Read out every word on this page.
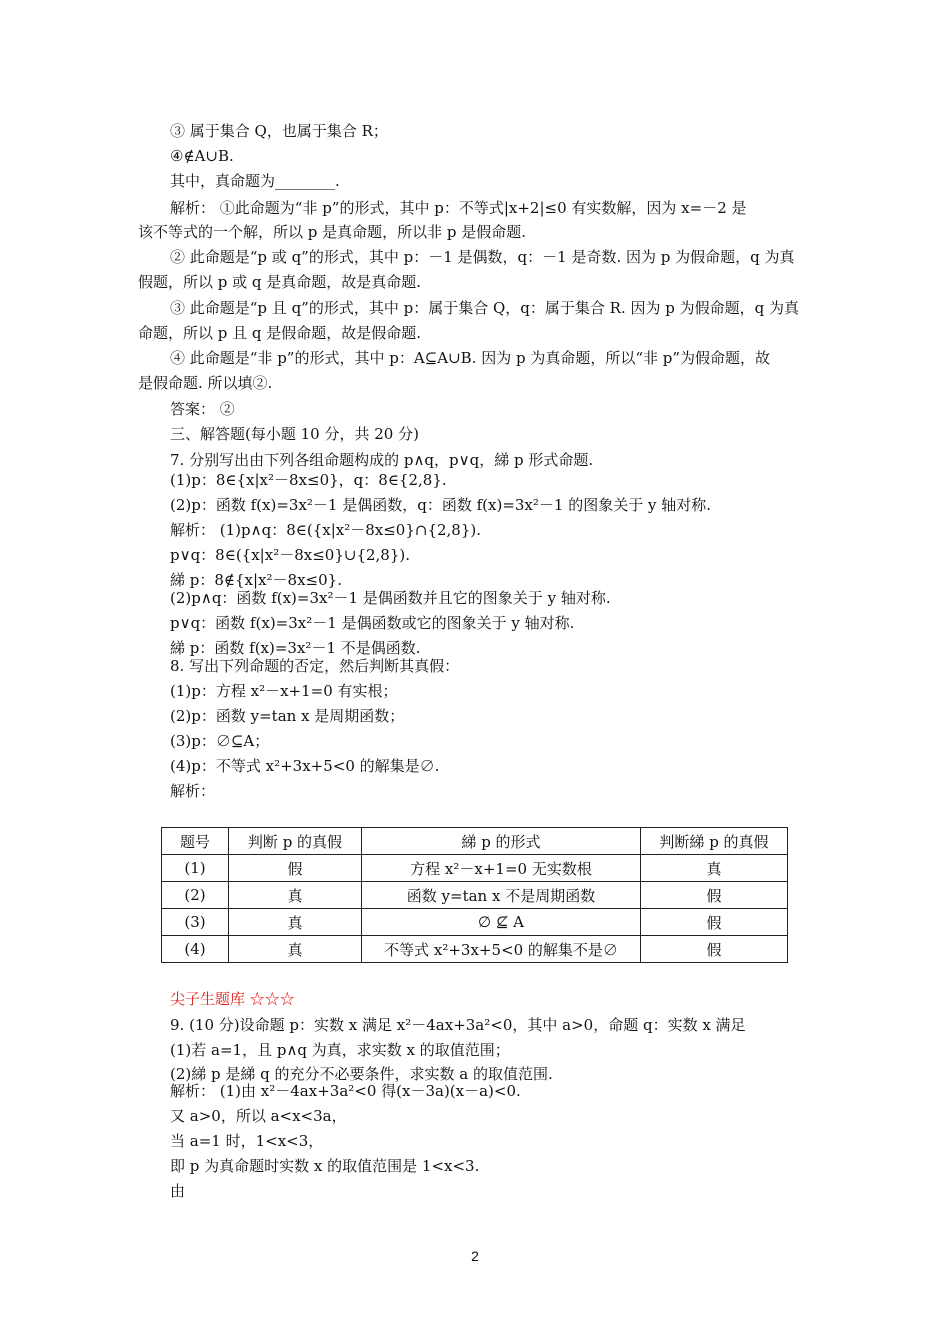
③ 属于集合 Q，也属于集合 R；
④∉A∪B.
其中，真命题为________.
解析： ①此命题为“非 p”的形式，其中 p：不等式|x+2|≤0 有实数解，因为 x=－2 是
该不等式的一个解，所以 p 是真命题，所以非 p 是假命题.
② 此命题是“p 或 q”的形式，其中 p：－1 是偶数，q：－1 是奇数. 因为 p 为假命题，q 为真
假题，所以 p 或 q 是真命题，故是真命题.
③ 此命题是“p 且 q”的形式，其中 p：属于集合 Q，q：属于集合 R. 因为 p 为假命题，q 为真
命题，所以 p 且 q 是假命题，故是假命题.
④ 此命题是“非 p”的形式，其中 p：A⊆A∪B. 因为 p 为真命题，所以“非 p”为假命题，故
是假命题. 所以填②.
答案： ②
三、解答题(每小题 10 分，共 20 分)
7. 分别写出由下列各组命题构成的 p∧q，p∨q，綈 p 形式命题.
(1)p：8∈{x|x²－8x≤0}，q：8∈{2,8}.
(2)p：函数 f(x)=3x²－1 是偶函数，q：函数 f(x)=3x²－1 的图象关于 y 轴对称.
解析： (1)p∧q：8∈({x|x²－8x≤0}∩{2,8}).
p∨q：8∈({x|x²－8x≤0}∪{2,8}).
綈 p：8∉{x|x²－8x≤0}.
(2)p∧q：函数 f(x)=3x²－1 是偶函数并且它的图象关于 y 轴对称.
p∨q：函数 f(x)=3x²－1 是偶函数或它的图象关于 y 轴对称.
綈 p：函数 f(x)=3x²－1 不是偶函数.
8. 写出下列命题的否定，然后判断其真假：
(1)p：方程 x²－x+1=0 有实根；
(2)p：函数 y=tan x 是周期函数；
(3)p：∅⊆A；
(4)p：不等式 x²+3x+5<0 的解集是∅.
解析：
题号	判断 p 的真假	綈 p 的形式	判断綈 p 的真假
(1)	假	方程 x²－x+1=0 无实数根	真
(2)	真	函数 y=tan x 不是周期函数	假
(3)	真	∅ ⊈ A	假
(4)	真	不等式 x²+3x+5<0 的解集不是∅	假
尖子生题库 ☆☆☆
9. (10 分)设命题 p：实数 x 满足 x²－4ax+3a²<0，其中 a>0，命题 q：实数 x 满足
(1)若 a=1，且 p∧q 为真，求实数 x 的取值范围；
(2)綈 p 是綈 q 的充分不必要条件，求实数 a 的取值范围.
解析： (1)由 x²－4ax+3a²<0 得(x－3a)(x－a)<0.
又 a>0，所以 a<x<3a，
当 a=1 时，1<x<3，
即 p 为真命题时实数 x 的取值范围是 1<x<3.
由
2
